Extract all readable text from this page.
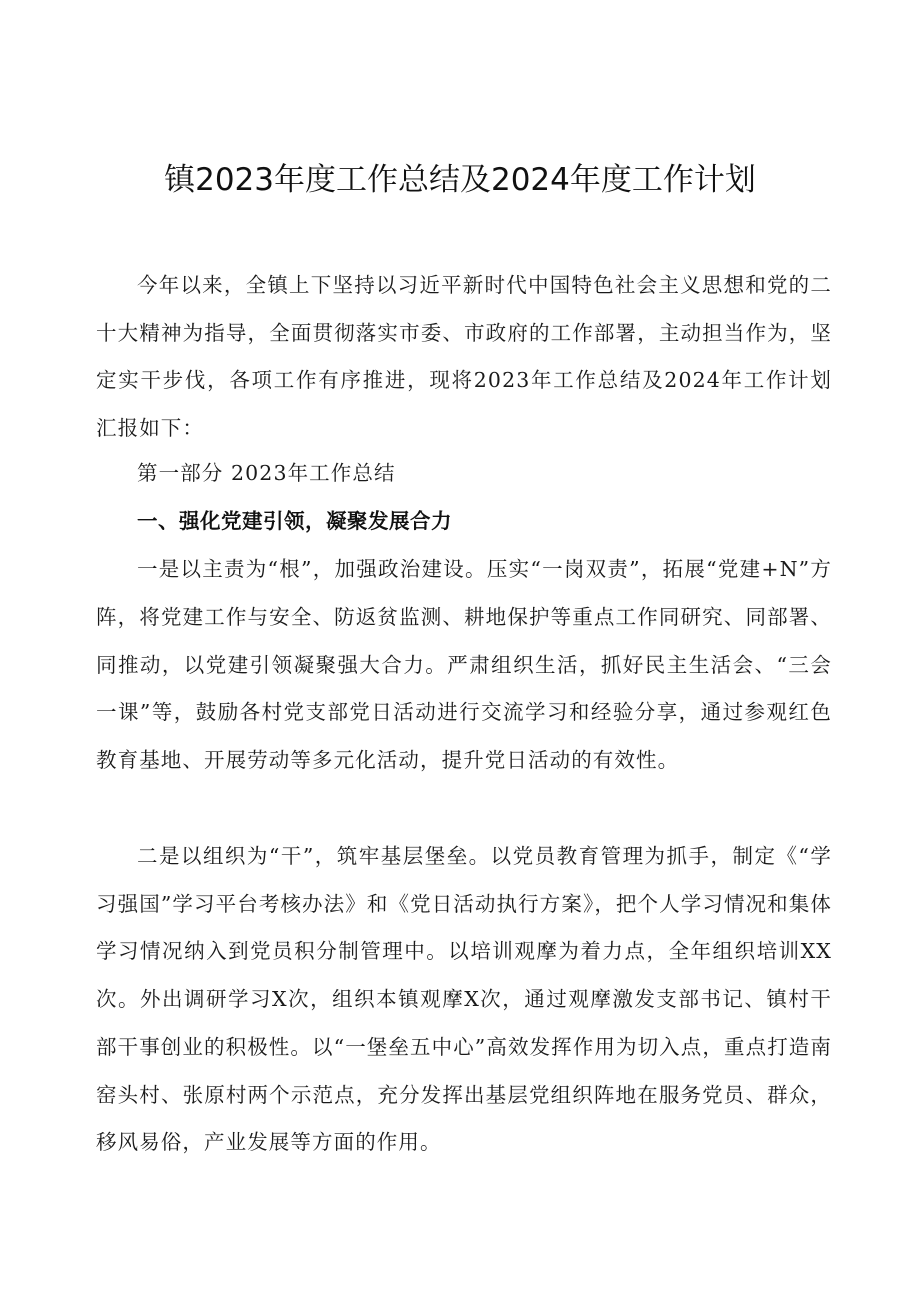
镇2023年度工作总结及2024年度工作计划

今年以来，全镇上下坚持以习近平新时代中国特色社会主义思想和党的二十大精神为指导，全面贯彻落实市委、市政府的工作部署，主动担当作为，坚定实干步伐，各项工作有序推进，现将2023年工作总结及2024年工作计划汇报如下：

第一部分 2023年工作总结

一、强化党建引领，凝聚发展合力

一是以主责为“根”，加强政治建设。压实“一岗双责”，拓展“党建+N”方阵，将党建工作与安全、防返贫监测、耕地保护等重点工作同研究、同部署、同推动，以党建引领凝聚强大合力。严肃组织生活，抓好民主生活会、“三会一课”等，鼓励各村党支部党日活动进行交流学习和经验分享，通过参观红色教育基地、开展劳动等多元化活动，提升党日活动的有效性。

二是以组织为“干”，筑牢基层堡垒。以党员教育管理为抓手，制定《“学习强国”学习平台考核办法》和《党日活动执行方案》，把个人学习情况和集体学习情况纳入到党员积分制管理中。以培训观摩为着力点，全年组织培训XX次。外出调研学习X次，组织本镇观摩X次，通过观摩激发支部书记、镇村干部干事创业的积极性。以“一堡垒五中心”高效发挥作用为切入点，重点打造南窑头村、张原村两个示范点，充分发挥出基层党组织阵地在服务党员、群众，移风易俗，产业发展等方面的作用。
